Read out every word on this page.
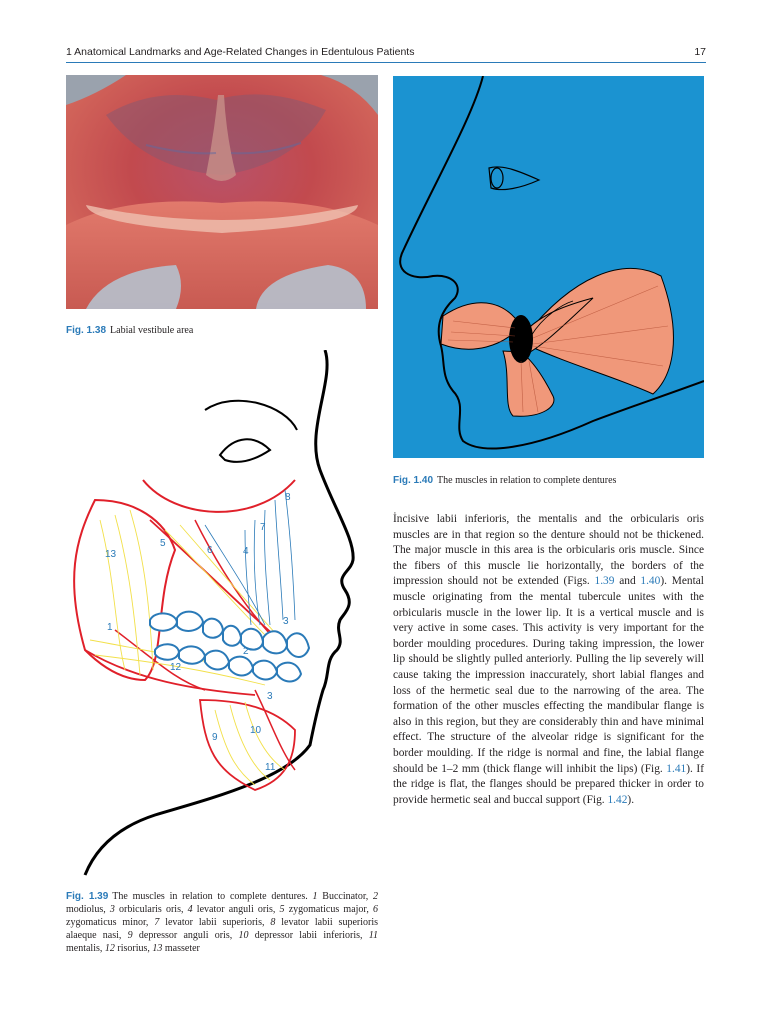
1 Anatomical Landmarks and Age-Related Changes in Edentulous Patients	17
Fig. 1.38 Labial vestibule area
Fig. 1.40 The muscles in relation to complete dentures
8
7
5
6	4
13
1
3
2
12
3
10
9
11
Fig. 1.39 The muscles in relation to complete dentures. 1 Buccinator, 2 modiolus, 3 orbicularis oris, 4 levator anguli oris, 5 zygomaticus major, 6 zygomaticus minor, 7 levator labii superioris, 8 levator labii superioris alaeque nasi, 9 depressor anguli oris, 10 depressor labii inferioris, 11 mentalis, 12 risorius, 13 masseter
İncisive labii inferioris, the mentalis and the orbicularis oris muscles are in that region so the denture should not be thickened. The major muscle in this area is the orbicularis oris muscle. Since the fibers of this muscle lie horizontally, the borders of the impression should not be extended (Figs. 1.39 and 1.40). Mental muscle originating from the mental tubercule unites with the orbicularis muscle in the lower lip. It is a vertical muscle and is very active in some cases. This activity is very important for the border moulding procedures. During taking impression, the lower lip should be slightly pulled anteriorly. Pulling the lip severely will cause taking the impression inaccurately, short labial flanges and loss of the hermetic seal due to the narrowing of the area. The formation of the other muscles effecting the mandibular flange is also in this region, but they are considerably thin and have minimal effect. The structure of the alveolar ridge is significant for the border moulding. If the ridge is normal and fine, the labial flange should be 1–2 mm (thick flange will inhibit the lips) (Fig. 1.41). If the ridge is flat, the flanges should be prepared thicker in order to provide hermetic seal and buccal support (Fig. 1.42).
